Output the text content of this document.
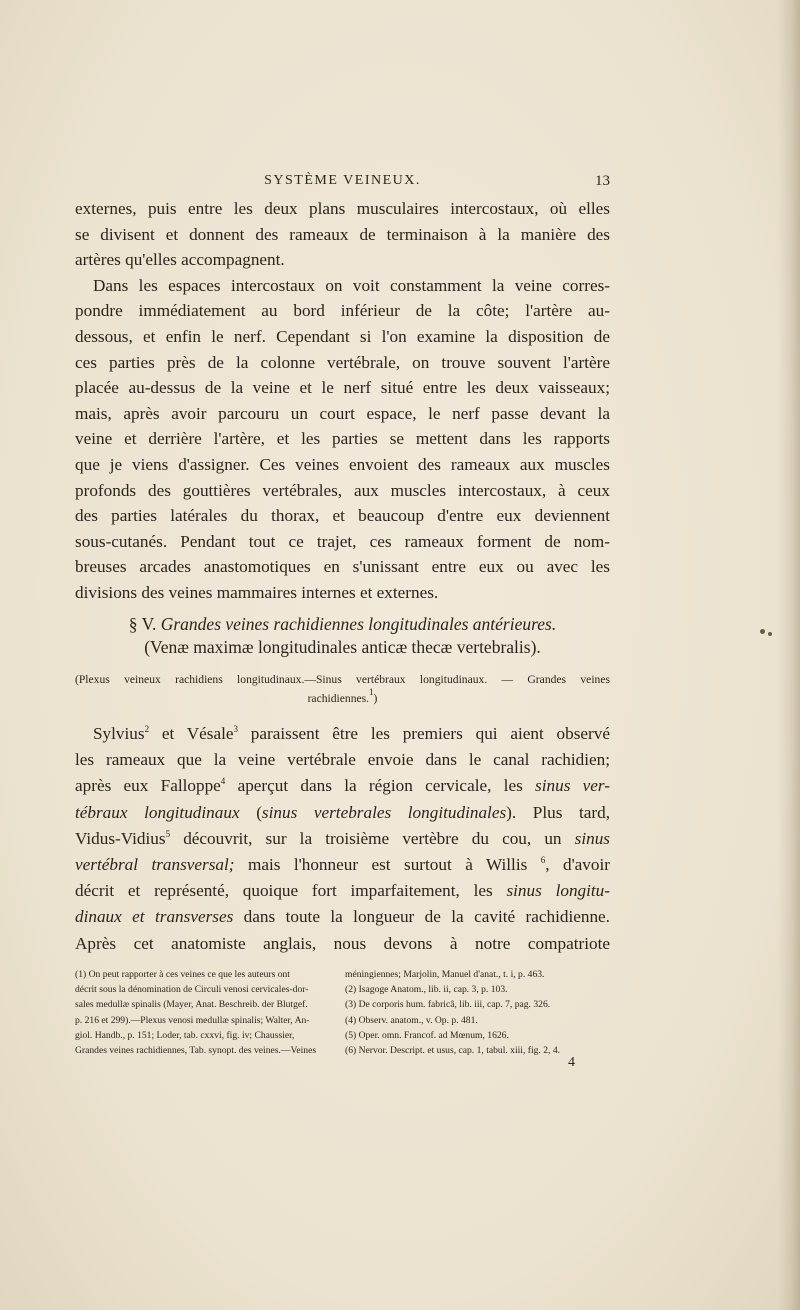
SYSTÈME VEINEUX.	13
externes, puis entre les deux plans musculaires intercostaux, où elles
se divisent et donnent des rameaux de terminaison à la manière des
artères qu'elles accompagnent.
Dans les espaces intercostaux on voit constamment la veine corres-
pondre immédiatement au bord inférieur de la côte; l'artère au-
dessous, et enfin le nerf. Cependant si l'on examine la disposition de
ces parties près de la colonne vertébrale, on trouve souvent l'artère
placée au-dessus de la veine et le nerf situé entre les deux vaisseaux;
mais, après avoir parcouru un court espace, le nerf passe devant la
veine et derrière l'artère, et les parties se mettent dans les rapports
que je viens d'assigner. Ces veines envoient des rameaux aux muscles
profonds des gouttières vertébrales, aux muscles intercostaux, à ceux
des parties latérales du thorax, et beaucoup d'entre eux deviennent
sous-cutanés. Pendant tout ce trajet, ces rameaux forment de nom-
breuses arcades anastomotiques en s'unissant entre eux ou avec les
divisions des veines mammaires internes et externes.
§ V. Grandes veines rachidiennes longitudinales antérieures.
(Venæ maximæ longitudinales anticæ thecæ vertebralis).
(Plexus veineux rachidiens longitudinaux.—Sinus vertébraux longitudinaux. — Grandes veines
rachidiennes.$^1$)
Sylvius$^2$ et Vésale$^3$ paraissent être les premiers qui aient observé
les rameaux que la veine vertébrale envoie dans le canal rachidien;
après eux Falloppe$^4$ aperçut dans la région cervicale, les sinus ver-
tébraux longitudinaux (sinus vertebrales longitudinales). Plus tard,
Vidus-Vidius$^5$ découvrit, sur la troisième vertèbre du cou, un sinus
vertébral transversal; mais l'honneur est surtout à Willis $^6$, d'avoir
décrit et représenté, quoique fort imparfaitement, les sinus longitu-
dinaux et transverses dans toute la longueur de la cavité rachidienne.
Après cet anatomiste anglais, nous devons à notre compatriote
(1) On peut rapporter à ces veines ce que les auteurs ont
décrit sous la dénomination de Circuli venosi cervicales-dor-
sales medullæ spinalis (Mayer, Anat. Beschreib. der Blutgef.
p. 216 et 299).—Plexus venosi medullæ spinalis; Walter, An-
giol. Handb., p. 151; Loder, tab. cxxvi, fig. iv; Chaussier,
Grandes veines rachidiennes, Tab. synopt. des veines.—Veines
méningiennes; Marjolin, Manuel d'anat., t. i, p. 463.
(2) Isagoge Anatom., lib. ii, cap. 3, p. 103.
(3) De corporis hum. fabricâ, lib. iii, cap. 7, pag. 326.
(4) Observ. anatom., v. Op. p. 481.
(5) Oper. omn. Francof. ad Mœnum, 1626.
(6) Nervor. Descript. et usus, cap. 1, tabul. xiii, fig. 2, 4.
4
